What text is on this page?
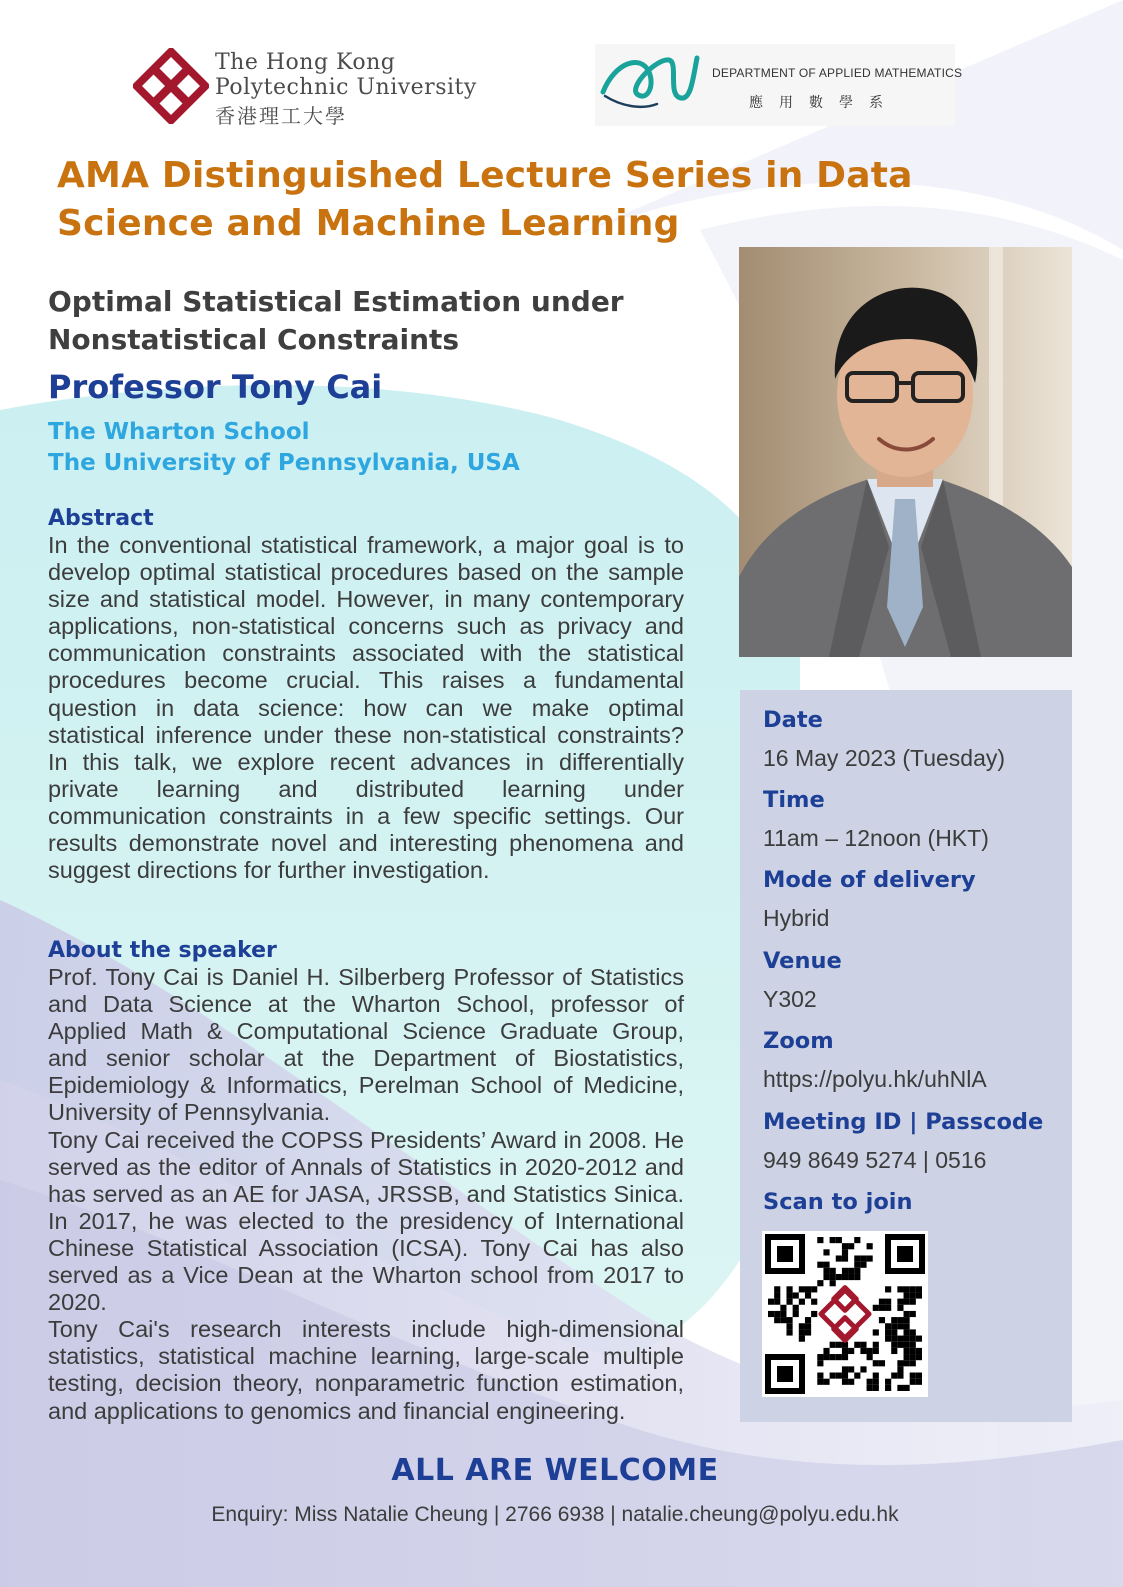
The Hong Kong
Polytechnic University
香港理工大學
DEPARTMENT OF APPLIED MATHEMATICS
應用數學系
AMA Distinguished Lecture Series in Data Science and Machine Learning
Optimal Statistical Estimation under Nonstatistical Constraints
Professor Tony Cai
The Wharton School
The University of Pennsylvania, USA
Abstract

In the conventional statistical framework, a major goal is to develop optimal statistical procedures based on the sample size and statistical model. However, in many contemporary applications, non-statistical concerns such as privacy and communication constraints associated with the statistical procedures become crucial. This raises a fundamental question in data science: how can we make optimal statistical inference under these non-statistical constraints? In this talk, we explore recent advances in differentially private learning and distributed learning under communication constraints in a few specific settings. Our results demonstrate novel and interesting phenomena and suggest directions for further investigation.

About the speaker

Prof. Tony Cai is Daniel H. Silberberg Professor of Statistics and Data Science at the Wharton School, professor of Applied Math & Computational Science Graduate Group, and senior scholar at the Department of Biostatistics, Epidemiology & Informatics, Perelman School of Medicine, University of Pennsylvania.

Tony Cai received the COPSS Presidents’ Award in 2008. He served as the editor of Annals of Statistics in 2020-2012 and has served as an AE for JASA, JRSSB, and Statistics Sinica. In 2017, he was elected to the presidency of International Chinese Statistical Association (ICSA). Tony Cai has also served as a Vice Dean at the Wharton school from 2017 to 2020.

Tony Cai's research interests include high-dimensional statistics, statistical machine learning, large-scale multiple testing, decision theory, nonparametric function estimation, and applications to genomics and financial engineering.

Date
16 May 2023 (Tuesday)
Time
11am – 12noon (HKT)
Mode of delivery
Hybrid
Venue
Y302
Zoom
https://polyu.hk/uhNlA
Meeting ID | Passcode
949 8649 5274 | 0516
Scan to join
ALL ARE WELCOME
Enquiry: Miss Natalie Cheung | 2766 6938 | natalie.cheung@polyu.edu.hk
